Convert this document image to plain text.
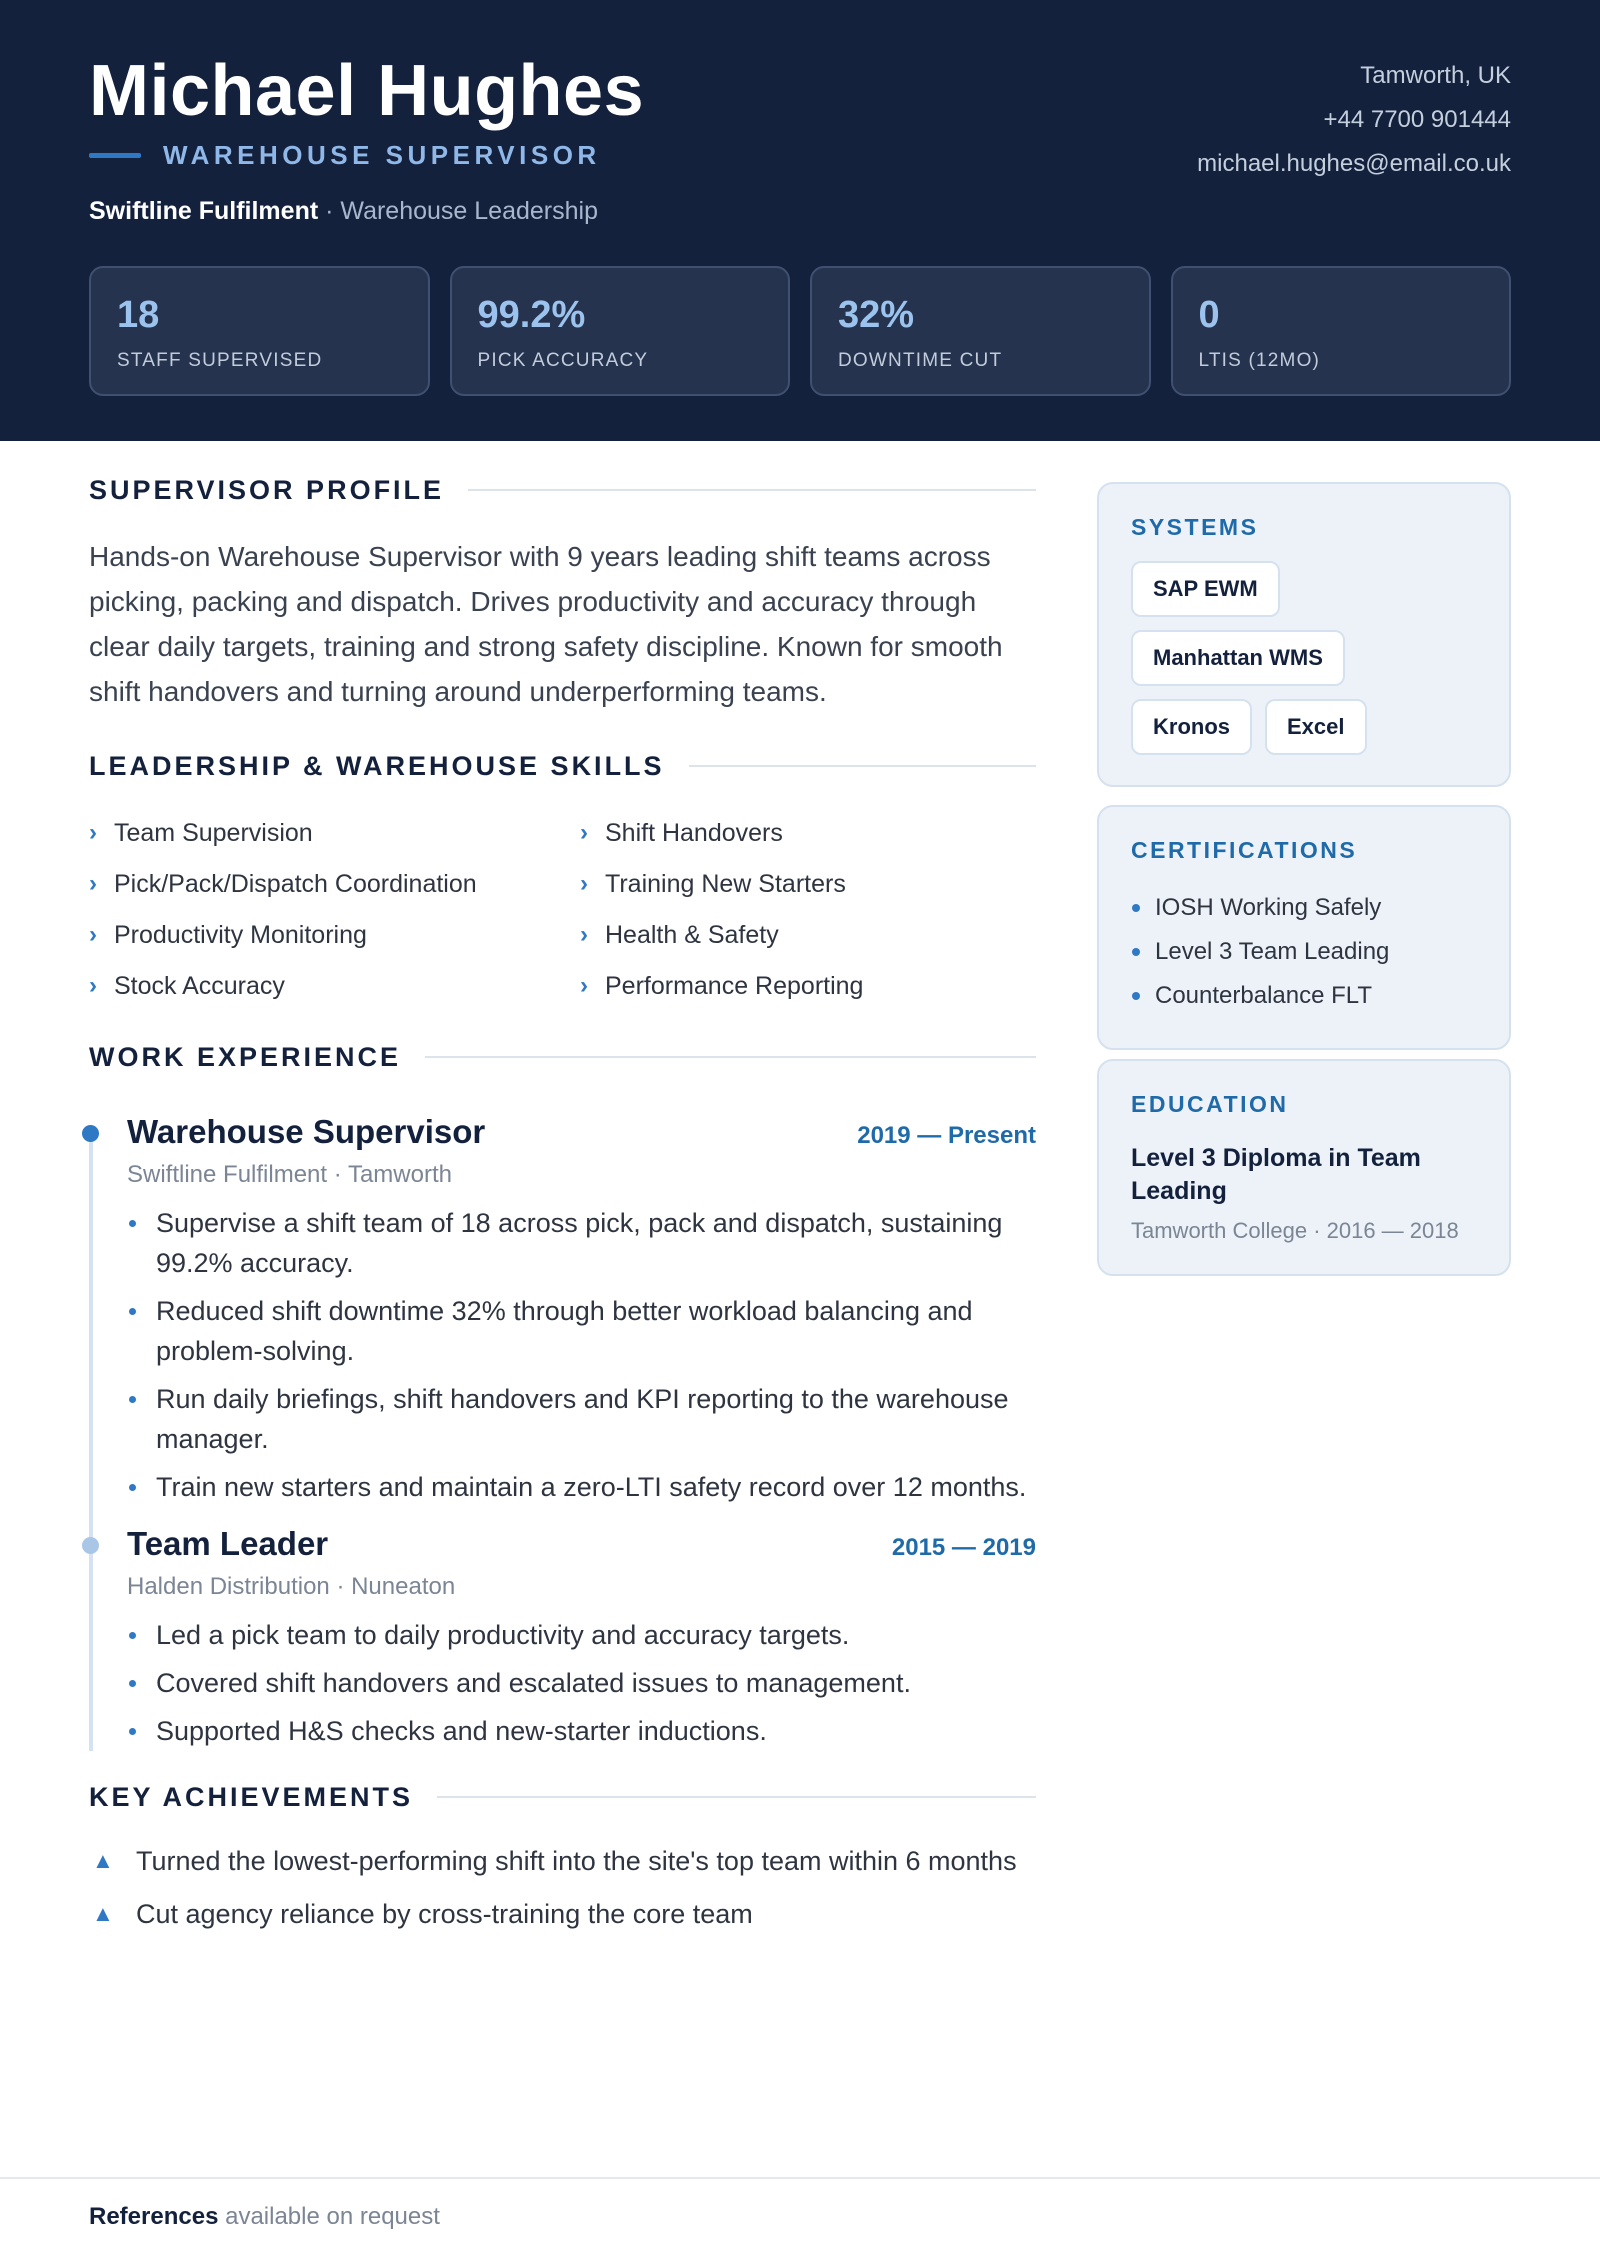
Michael Hughes
WAREHOUSE SUPERVISOR
Swiftline Fulfilment · Warehouse Leadership
Tamworth, UK
+44 7700 901444
michael.hughes@email.co.uk
18
STAFF SUPERVISED
99.2%
PICK ACCURACY
32%
DOWNTIME CUT
0
LTIS (12MO)
SUPERVISOR PROFILE

Hands-on Warehouse Supervisor with 9 years leading shift teams across picking, packing and dispatch. Drives productivity and accuracy through clear daily targets, training and strong safety discipline. Known for smooth shift handovers and turning around underperforming teams.

LEADERSHIP & WAREHOUSE SKILLS
› Team Supervision	› Shift Handovers
› Pick/Pack/Dispatch Coordination	› Training New Starters
› Productivity Monitoring	› Health & Safety
› Stock Accuracy	› Performance Reporting
WORK EXPERIENCE
Warehouse Supervisor	2019 — Present
Swiftline Fulfilment · Tamworth
Supervise a shift team of 18 across pick, pack and dispatch, sustaining 99.2% accuracy.
Reduced shift downtime 32% through better workload balancing and problem-solving.
Run daily briefings, shift handovers and KPI reporting to the warehouse manager.
Train new starters and maintain a zero-LTI safety record over 12 months.
Team Leader	2015 — 2019
Halden Distribution · Nuneaton
Led a pick team to daily productivity and accuracy targets.
Covered shift handovers and escalated issues to management.
Supported H&S checks and new-starter inductions.
KEY ACHIEVEMENTS
▲ Turned the lowest-performing shift into the site's top team within 6 months
▲ Cut agency reliance by cross-training the core team
SYSTEMS
SAP EWM
Manhattan WMS
Kronos	Excel
CERTIFICATIONS
IOSH Working Safely
Level 3 Team Leading
Counterbalance FLT
EDUCATION
Level 3 Diploma in Team Leading
Tamworth College · 2016 — 2018
References available on request
